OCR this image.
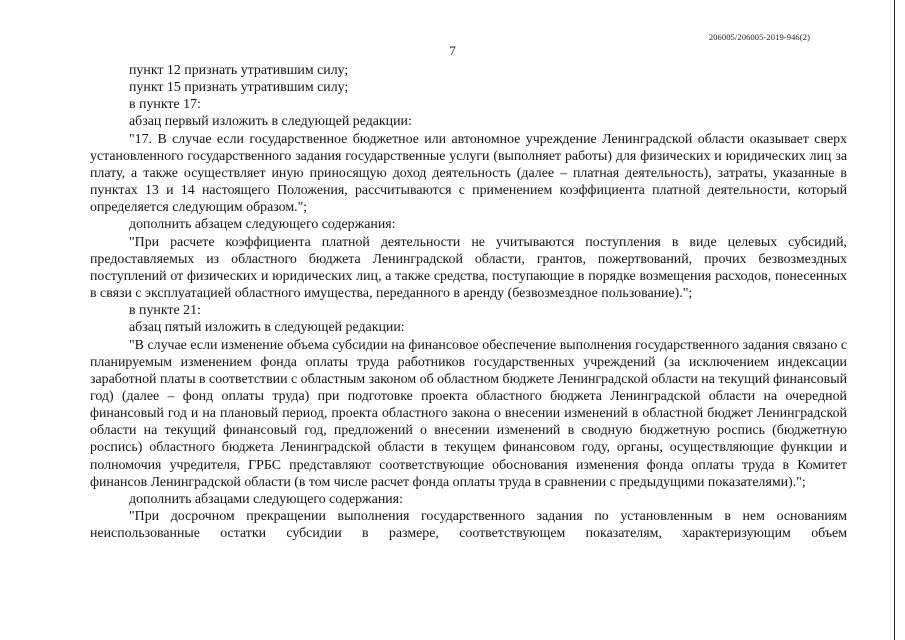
206005/206005-2019-946(2)
7

пункт 12 признать утратившим силу;

пункт 15 признать утратившим силу;

в пункте 17:

абзац первый изложить в следующей редакции:

"17. В случае если государственное бюджетное или автономное учреждение Ленинградской области оказывает сверх установленного государственного задания государственные услуги (выполняет работы) для физических и юридических лиц за плату, а также осуществляет иную приносящую доход деятельность (далее – платная деятельность), затраты, указанные в пунктах 13 и 14 настоящего Положения, рассчитываются с применением коэффициента платной деятельности, который определяется следующим образом.";

дополнить абзацем следующего содержания:

"При расчете коэффициента платной деятельности не учитываются поступления в виде целевых субсидий, предоставляемых из областного бюджета Ленинградской области, грантов, пожертвований, прочих безвозмездных поступлений от физических и юридических лиц, а также средства, поступающие в порядке возмещения расходов, понесенных в связи с эксплуатацией областного имущества, переданного в аренду (безвозмездное пользование).";

в пункте 21:

абзац пятый изложить в следующей редакции:

"В случае если изменение объема субсидии на финансовое обеспечение выполнения государственного задания связано с планируемым изменением фонда оплаты труда работников государственных учреждений (за исключением индексации заработной платы в соответствии с областным законом об областном бюджете Ленинградской области на текущий финансовый год) (далее – фонд оплаты труда) при подготовке проекта областного бюджета Ленинградской области на очередной финансовый год и на плановый период, проекта областного закона о внесении изменений в областной бюджет Ленинградской области на текущий финансовый год, предложений о внесении изменений в сводную бюджетную роспись (бюджетную роспись) областного бюджета Ленинградской области в текущем финансовом году, органы, осуществляющие функции и полномочия учредителя, ГРБС представляют соответствующие обоснования изменения фонда оплаты труда в Комитет финансов Ленинградской области (в том числе расчет фонда оплаты труда в сравнении с предыдущими показателями).";

дополнить абзацами следующего содержания:

"При досрочном прекращении выполнения государственного задания по установленным в нем основаниям неиспользованные остатки субсидии в размере, соответствующем показателям, характеризующим объем
